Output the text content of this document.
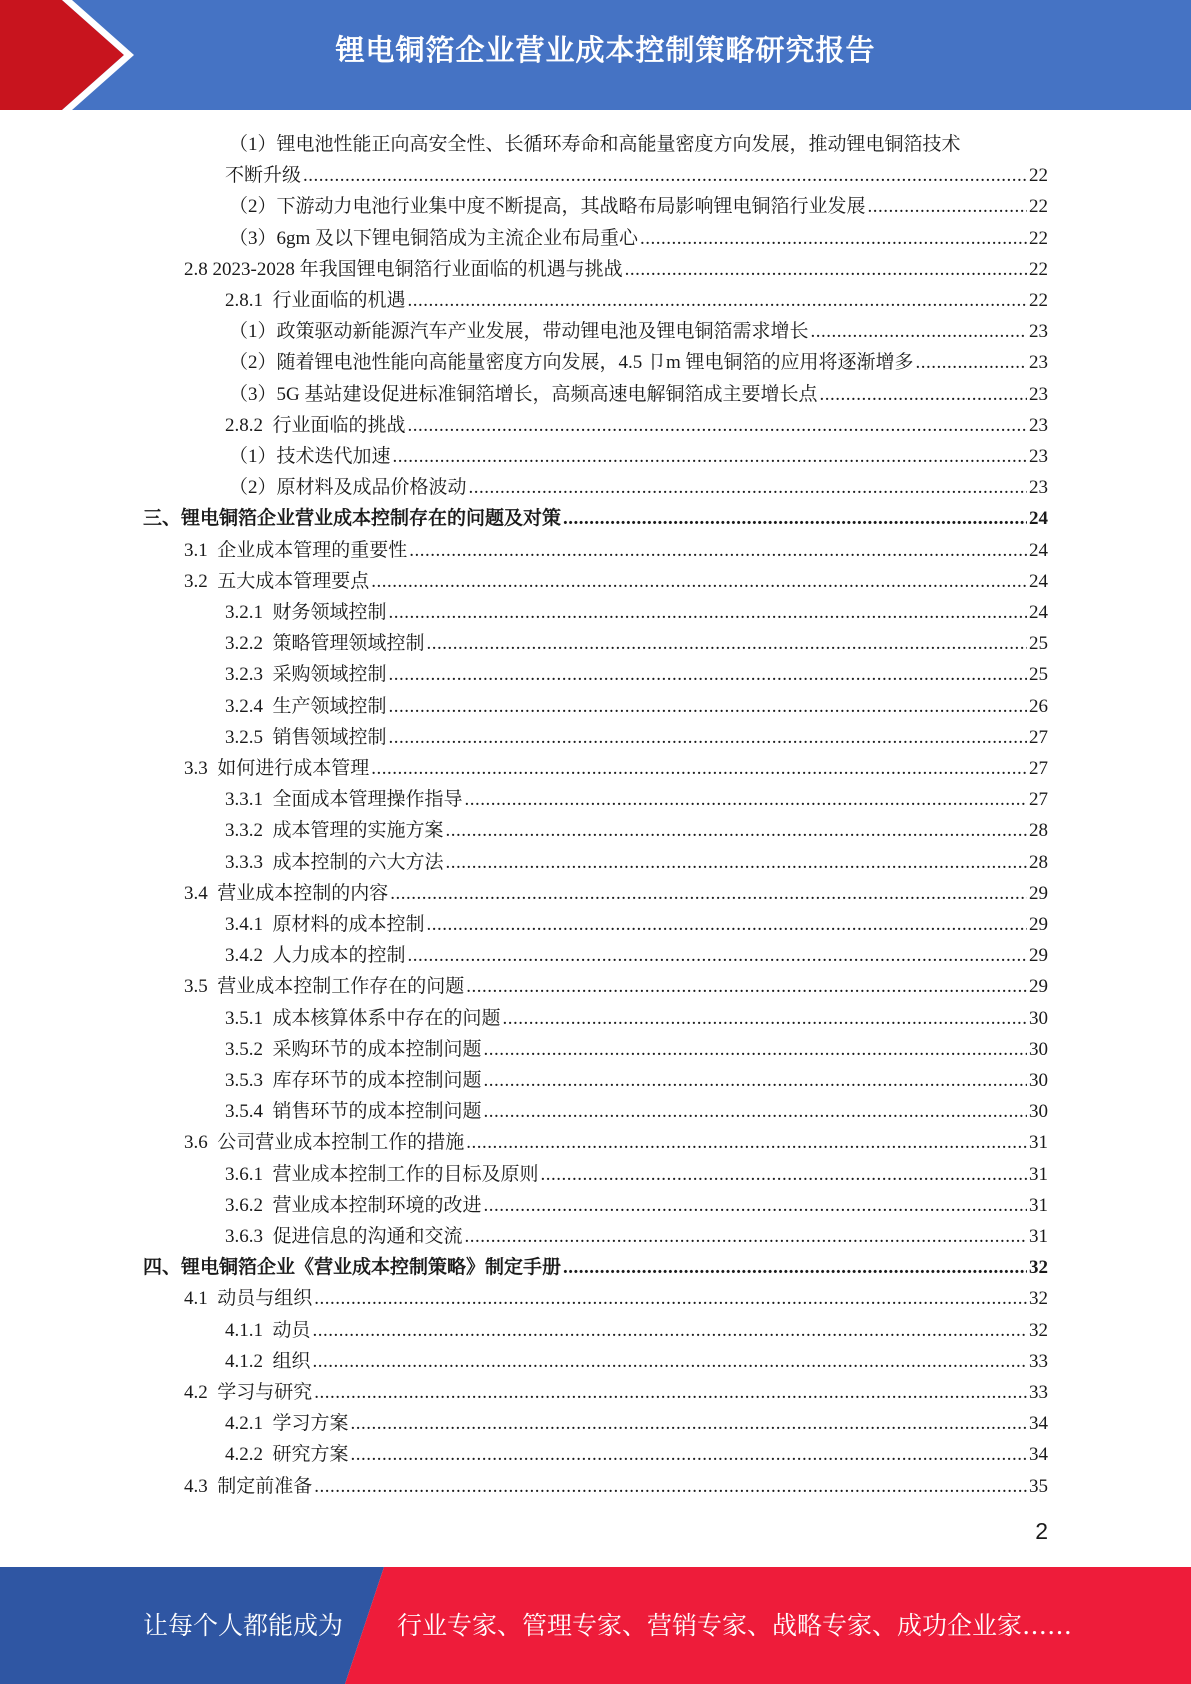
锂电铜箔企业营业成本控制策略研究报告
（1）锂电池性能正向高安全性、长循环寿命和高能量密度方向发展，推动锂电铜箔技术
不断升级 .....	22
（2）下游动力电池行业集中度不断提高，其战略布局影响锂电铜箔行业发展 .....	22
（3）6gm 及以下锂电铜箔成为主流企业布局重心 .....	22
2.8 2023-2028 年我国锂电铜箔行业面临的机遇与挑战 .....	22
2.8.1  行业面临的机遇 .....	22
（1）政策驱动新能源汽车产业发展，带动锂电池及锂电铜箔需求增长 .....	23
（2）随着锂电池性能向高能量密度方向发展，4.5 卩m 锂电铜箔的应用将逐渐增多 .....	23
（3）5G 基站建设促进标准铜箔增长，高频高速电解铜箔成主要增长点 .....	23
2.8.2  行业面临的挑战 .....	23
（1）技术迭代加速 .....	23
（2）原材料及成品价格波动 .....	23
三、锂电铜箔企业营业成本控制存在的问题及对策 .....	24
3.1  企业成本管理的重要性 .....	24
3.2  五大成本管理要点 .....	24
3.2.1  财务领域控制 .....	24
3.2.2  策略管理领域控制 .....	25
3.2.3  采购领域控制 .....	25
3.2.4  生产领域控制 .....	26
3.2.5  销售领域控制 .....	27
3.3  如何进行成本管理 .....	27
3.3.1  全面成本管理操作指导 .....	27
3.3.2  成本管理的实施方案 .....	28
3.3.3  成本控制的六大方法 .....	28
3.4  营业成本控制的内容 .....	29
3.4.1  原材料的成本控制 .....	29
3.4.2  人力成本的控制 .....	29
3.5  营业成本控制工作存在的问题 .....	29
3.5.1  成本核算体系中存在的问题 .....	30
3.5.2  采购环节的成本控制问题 .....	30
3.5.3  库存环节的成本控制问题 .....	30
3.5.4  销售环节的成本控制问题 .....	30
3.6  公司营业成本控制工作的措施 .....	31
3.6.1  营业成本控制工作的目标及原则 .....	31
3.6.2  营业成本控制环境的改进 .....	31
3.6.3  促进信息的沟通和交流 .....	31
四、锂电铜箔企业《营业成本控制策略》制定手册 .....	32
4.1  动员与组织 .....	32
4.1.1  动员 .....	32
4.1.2  组织 .....	33
4.2  学习与研究 .....	33
4.2.1  学习方案 .....	34
4.2.2  研究方案 .....	34
4.3  制定前准备 .....	35
2
让每个人都能成为 行业专家、管理专家、营销专家、战略专家、成功企业家……
